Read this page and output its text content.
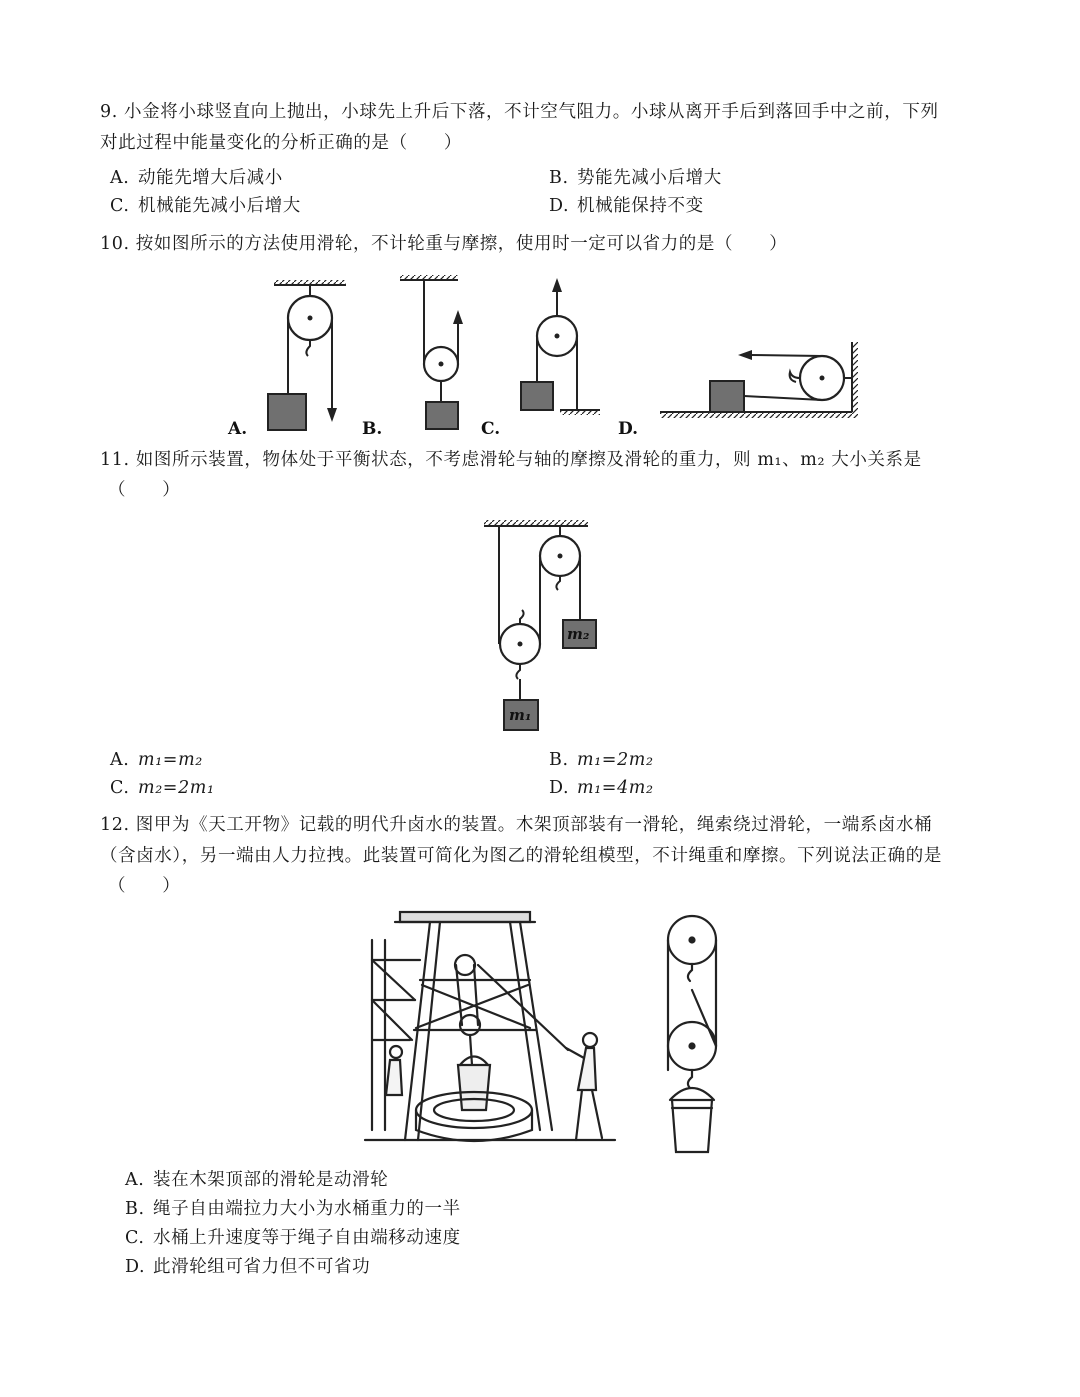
9. 小金将小球竖直向上抛出，小球先上升后下落，不计空气阻力。小球从离开手后到落回手中之前，下列
对此过程中能量变化的分析正确的是（　　）
A. 动能先增大后减小	B. 势能先减小后增大
C. 机械能先减小后增大	D. 机械能保持不变
10. 按如图所示的方法使用滑轮，不计轮重与摩擦，使用时一定可以省力的是（　　）
A.	B.	C.	D.
11. 如图所示装置，物体处于平衡状态，不考虑滑轮与轴的摩擦及滑轮的重力，则 m₁、m₂ 大小关系是
（　　）
m₂
m₁
A. m₁=m₂	B. m₁=2m₂
C. m₂=2m₁	D. m₁=4m₂
12. 图甲为《天工开物》记载的明代升卤水的装置。木架顶部装有一滑轮，绳索绕过滑轮，一端系卤水桶
（含卤水），另一端由人力拉拽。此装置可简化为图乙的滑轮组模型，不计绳重和摩擦。下列说法正确的是
（　　）
A. 装在木架顶部的滑轮是动滑轮
B. 绳子自由端拉力大小为水桶重力的一半
C. 水桶上升速度等于绳子自由端移动速度
D. 此滑轮组可省力但不可省功
